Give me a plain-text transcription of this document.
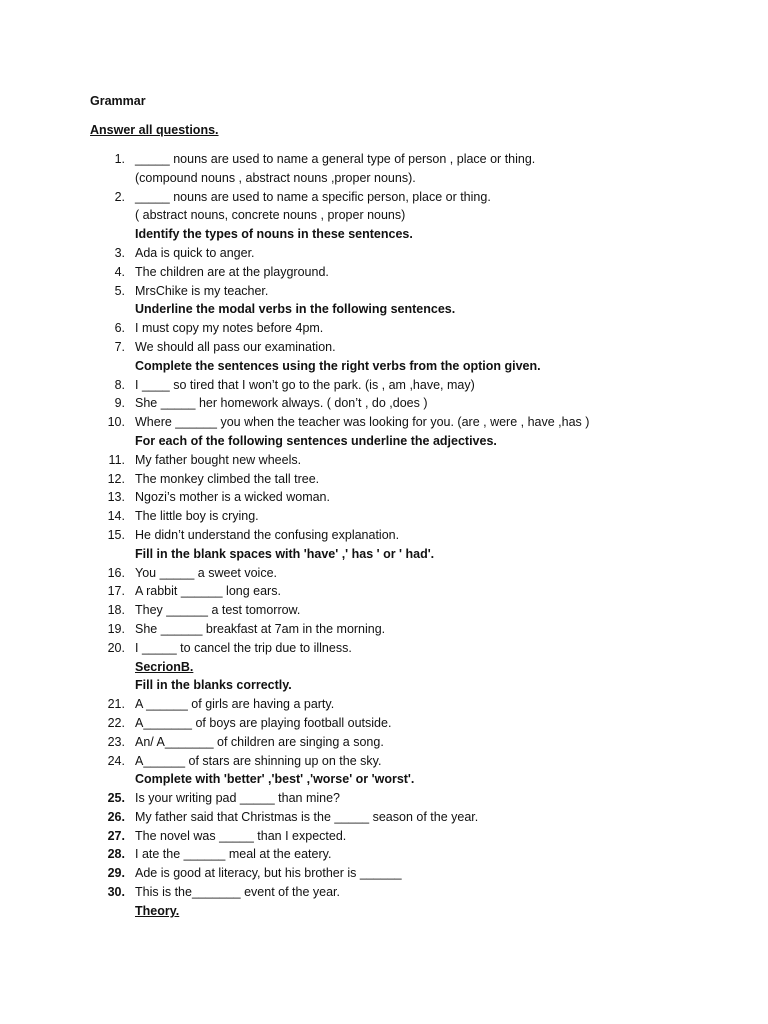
Grammar
Answer all questions.
1. _____ nouns are used to name a general type of person , place or thing.
(compound nouns , abstract nouns ,proper nouns).
2. _____ nouns are used to name a specific person, place or thing.
( abstract nouns, concrete nouns , proper nouns)
Identify the types of nouns in these sentences.
3. Ada is quick to anger.
4. The children are at the playground.
5. MrsChike is my teacher.
Underline the modal verbs in the following sentences.
6. I must copy my notes before 4pm.
7. We should all pass our examination.
Complete the sentences using the right verbs from the option given.
8. I ____ so tired that I won’t go to the park. (is , am ,have, may)
9. She _____ her homework always. ( don’t , do ,does )
10. Where ______ you when the teacher was looking for you. (are , were , have ,has )
For each of the following sentences underline the adjectives.
11. My father bought new wheels.
12. The monkey climbed the tall tree.
13. Ngozi’s mother is a wicked woman.
14. The little boy is crying.
15. He didn’t understand the confusing explanation.
Fill in the blank spaces with 'have' ,' has ' or ' had'.
16. You _____ a sweet voice.
17. A rabbit ______ long ears.
18. They ______ a test tomorrow.
19. She ______ breakfast at 7am in the morning.
20. I _____ to cancel the trip due to illness.
SecrionB.
Fill in the blanks correctly.
21. A ______ of girls are having a party.
22. A_______ of boys are playing football outside.
23. An/ A_______ of children are singing a song.
24. A______ of stars are shinning up on the sky.
Complete with 'better' ,'best' ,'worse' or 'worst'.
25. Is your writing pad _____ than mine?
26. My father said that Christmas is the _____ season of the year.
27. The novel was _____ than I expected.
28. I ate the ______ meal at the eatery.
29. Ade is good at literacy, but his brother is ______
30. This is the_______ event of the year.
Theory.
